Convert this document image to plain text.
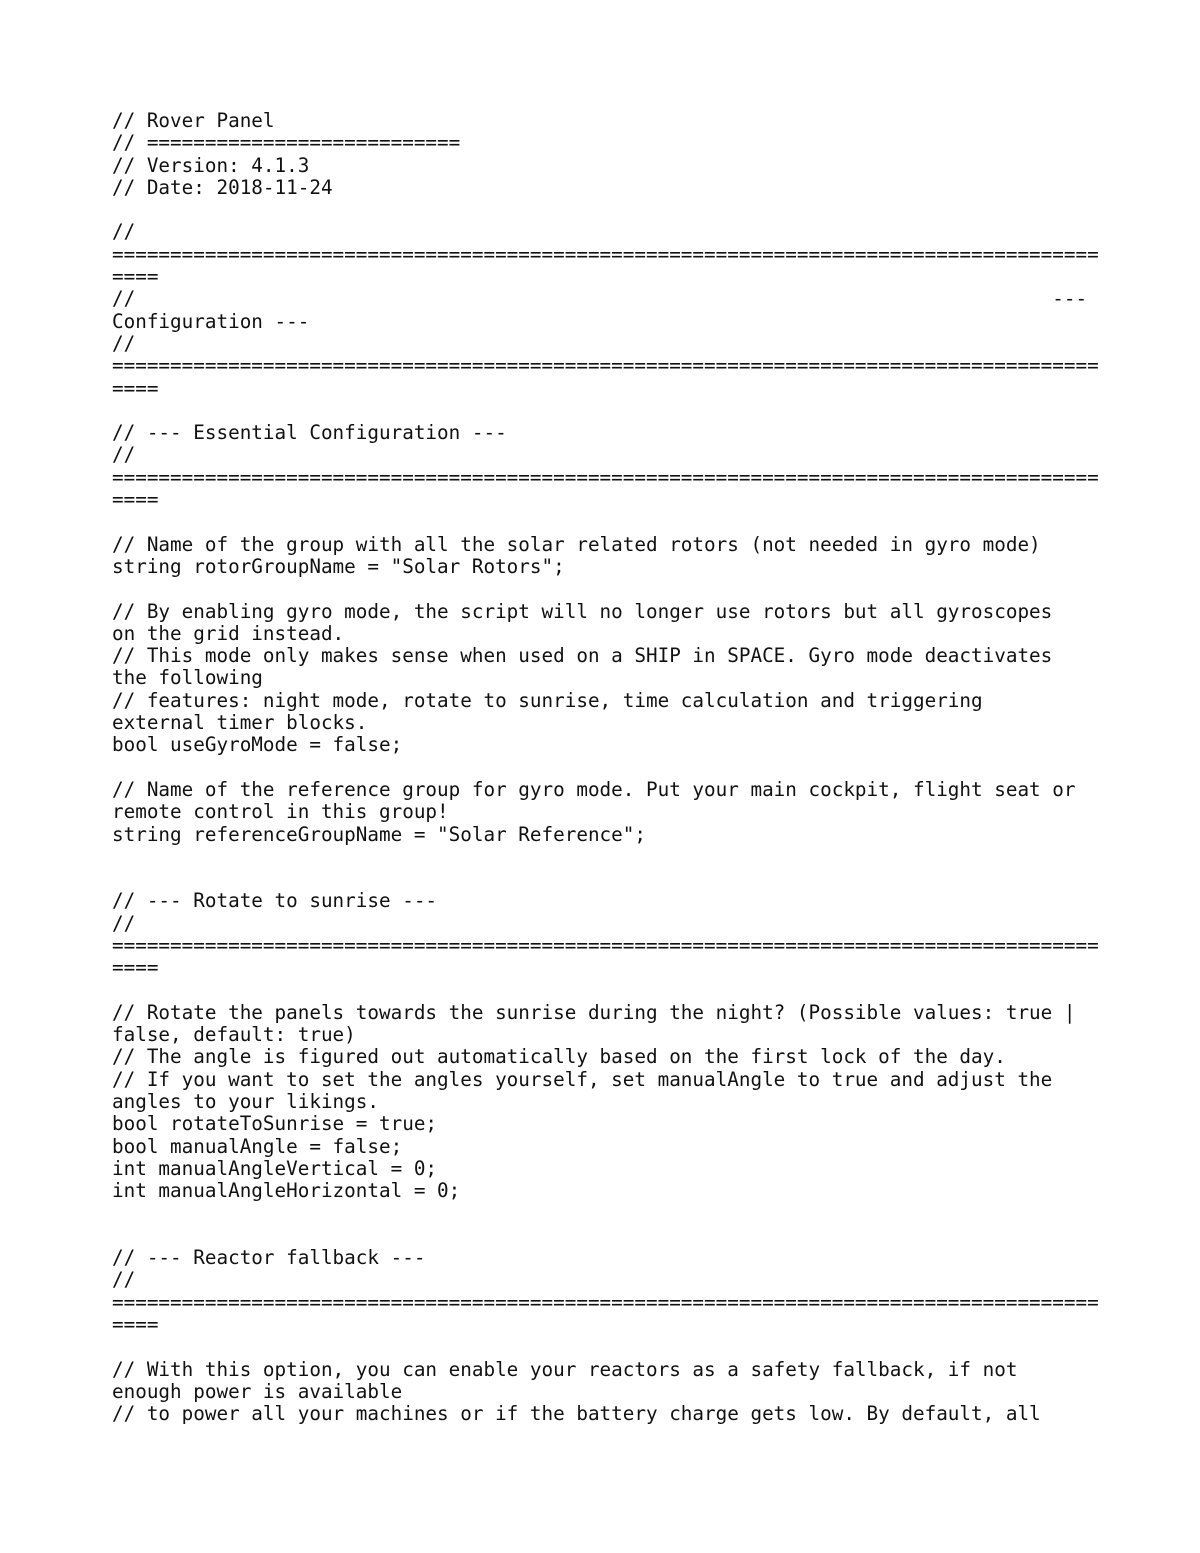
// Rover Panel
// ===========================
// Version: 4.1.3
// Date: 2018-11-24
//
=====================================================================================
====
//                                                                               ---
Configuration ---
//
=====================================================================================
====
// --- Essential Configuration ---
//
=====================================================================================
====
// Name of the group with all the solar related rotors (not needed in gyro mode)
string rotorGroupName = "Solar Rotors";
// By enabling gyro mode, the script will no longer use rotors but all gyroscopes
on the grid instead.
// This mode only makes sense when used on a SHIP in SPACE. Gyro mode deactivates
the following
// features: night mode, rotate to sunrise, time calculation and triggering
external timer blocks.
bool useGyroMode = false;
// Name of the reference group for gyro mode. Put your main cockpit, flight seat or
remote control in this group!
string referenceGroupName = "Solar Reference";
// --- Rotate to sunrise ---
//
=====================================================================================
====
// Rotate the panels towards the sunrise during the night? (Possible values: true |
false, default: true)
// The angle is figured out automatically based on the first lock of the day.
// If you want to set the angles yourself, set manualAngle to true and adjust the
angles to your likings.
bool rotateToSunrise = true;
bool manualAngle = false;
int manualAngleVertical = 0;
int manualAngleHorizontal = 0;
// --- Reactor fallback ---
//
=====================================================================================
====
// With this option, you can enable your reactors as a safety fallback, if not
enough power is available
// to power all your machines or if the battery charge gets low. By default, all
